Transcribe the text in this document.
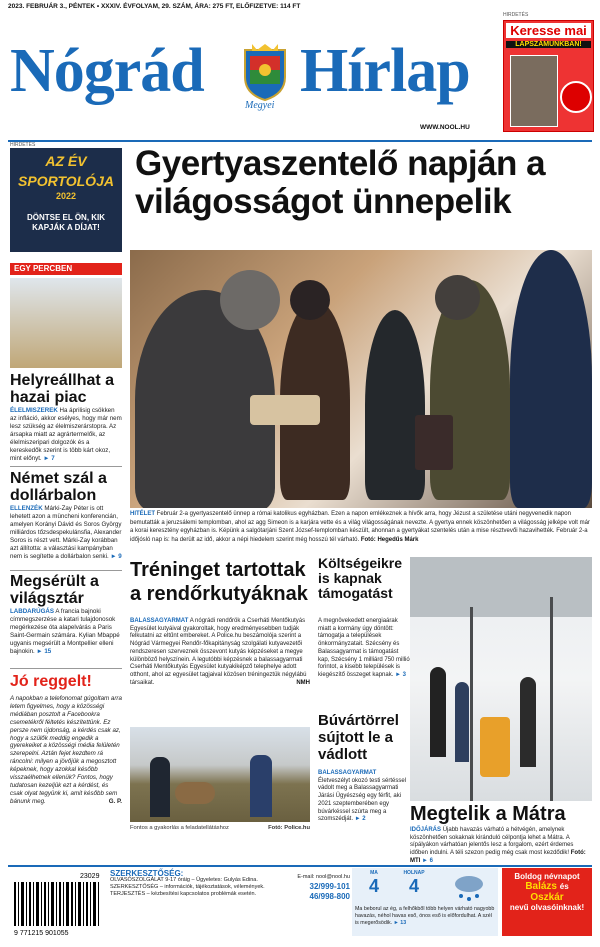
2023. FEBRUÁR 3., PÉNTEK • XXXIV. ÉVFOLYAM, 29. SZÁM, ÁRA: 275 FT, ELŐFIZETVE: 114 FT
HIRDETÉS
Nógrád
Megyei
Hírlap
WWW.NOOL.HU
Keresse mai
LAPSZÁMUNKBAN!
HIRDETÉS
AZ ÉV
SPORTOLÓJA
2022
DÖNTSE EL ÖN, KIK KAPJÁK A DÍJAT!
Gyertyaszentelő napján a világosságot ünnepelik
HITÉLET Február 2-a gyertyaszentelő ünnep a római katolikus egyházban. Ezen a napon emlékeznek a hívők arra, hogy Jézust a születése utáni negyvenedik napon bemutatták a jeruzsálemi templomban, ahol az agg Simeon is a karjára vette és a világ világosságának nevezte. A gyertya ennek köszönhetően a világosság jelképe volt már a korai keresztény egyházban is. Képünk a salgótarjáni Szent József-templomban készült, ahonnan a gyertyákat szentelés után a mise résztvevői hazavihették. Február 2-a időjósló nap is: ha derült az idő, akkor a népi hiedelem szerint még hosszú tél várható. Fotó: Hegedűs Márk
EGY PERCBEN
Helyreállhat a hazai piac
ÉLELMISZEREK Ha áprilisig csökken az infláció, akkor esélyes, hogy már nem lesz szükség az élelmiszerárstopra. Az ársapka miatt az agrártermelők, az élelmiszeripari dolgozók és a kereskedők szerint is több kárt okoz, mint előnyt. ► 7
Német szál a dollárbalon
ELLENZÉK Márki-Zay Péter is ott lehetett azon a müncheni konferencián, amelyen Korányi Dávid és Soros György milliárdos tőzsdespekulánsfia, Alexander Soros is részt vett. Márki-Zay korábban azt állította: a választási kampányban nem is segítette a dollárbalon senki. ► 9
Megsérült a világsztár
LABDARÚGÁS A francia bajnoki címmegszerzése a katari tulajdonosok megérkezése óta alapelvárás a Paris Saint-Germain számára. Kylian Mbappé ugyanis megsérült a Montpellier elleni bajnokin. ► 15
Jó reggelt!
A napokban a telefonomat gúgoltam arra letem figyelmes, hogy a közösségi médiában posztolt a Facebookra csemetékről féltetés készítettünk. Ez persze nem újdonság, a kérdés csak az, hogy a szülők meddig engedik a gyerekeiket a közösségi média felületén szerepelni. Aztán fejet kezdtem rá ráncolni: milyen a jövőjük a megosztott képeknek, hogy azokkal később visszaélhetnek ellenük? Fontos, hogy tudatosan kezeljük ezt a kérdést, és csak olyat tegyünk ki, amit később sem bánunk meg.	G. P.
Tréninget tartottak a rendőrkutyáknak
BALASSAGYARMAT A nógrádi rendőrök a Cserháti Mentőkutyás Egyesület kutyáival gyakoroltak, hogy eredményesebben tudják felkutatni az eltűnt embereket. A Police.hu beszámolója szerint a Nógrád Vármegyei Rendőr-főkapitányság szolgálati kutyavezetői rendszeresen szerveznek összevont kutyás képzéseket a megye különböző helyszínein. A legutóbbi képzésnek a balassagyarmati Cserháti Mentőkutyás Egyesület kutyakiképző telephelye adott otthont, ahol az egyesület tagjaival közösen tréningeztük négylábú társaikat.	NMH
Fontos a gyakorlás a feladatellátáshoz	Fotó: Police.hu
Költségeikre is kapnak támogatást
A megnövekedett energiaárak miatt a kormány úgy döntött: támogatja a települések önkormányzatait. Szécsény és Balassagyarmat is támogatást kap, Szécsény 1 milliárd 750 millió forintot, a kisebb települések is kiegészítő összeget kapnak. ► 3
Búvártörrel sújtott le a vádlott
BALASSAGYARMAT Életveszélyt okozó testi sértéssel vádolt meg a Balassagyarmati Járási Ügyészség egy férfit, aki 2021 szeptemberében egy búvárkéssel szúrta meg a szomszédját. ► 2	Megtelik a Mátra
IDŐJÁRÁS Újabb havazás várható a hétvégén, amelynek köszönhetően sokaknak kiránduló célpontja lehet a Mátra. A sípályákon várhatóan jelentős lesz a forgalom, ezért érdemes időben indulni. A téli szezon pedig még csak most kezdődik! Fotó: MTI ► 6
23029
9 771215 901055
SZERKESZTŐSÉG:
OLVASÓSZOLGÁLAT 9-17 óráig – Ügyeletes: Gulyás Edina. SZERKESZTŐSÉG – információk, tájékoztatások, vélemények. TERJESZTÉS – kézbesítési kapcsolatos problémák esetén.
E-mail: nool@nool.hu
32/999-101
46/998-800
MA
4
HOLNAP
4
Ma beborul az ég, a felhőkből több helyen várható nagyobb havazás, néhol havas eső, ónos eső is előfordulhat. A szél is megerősödik. ► 13
Boldog névnapot
Balázs és
Oszkár
nevű olvasóinknak!
